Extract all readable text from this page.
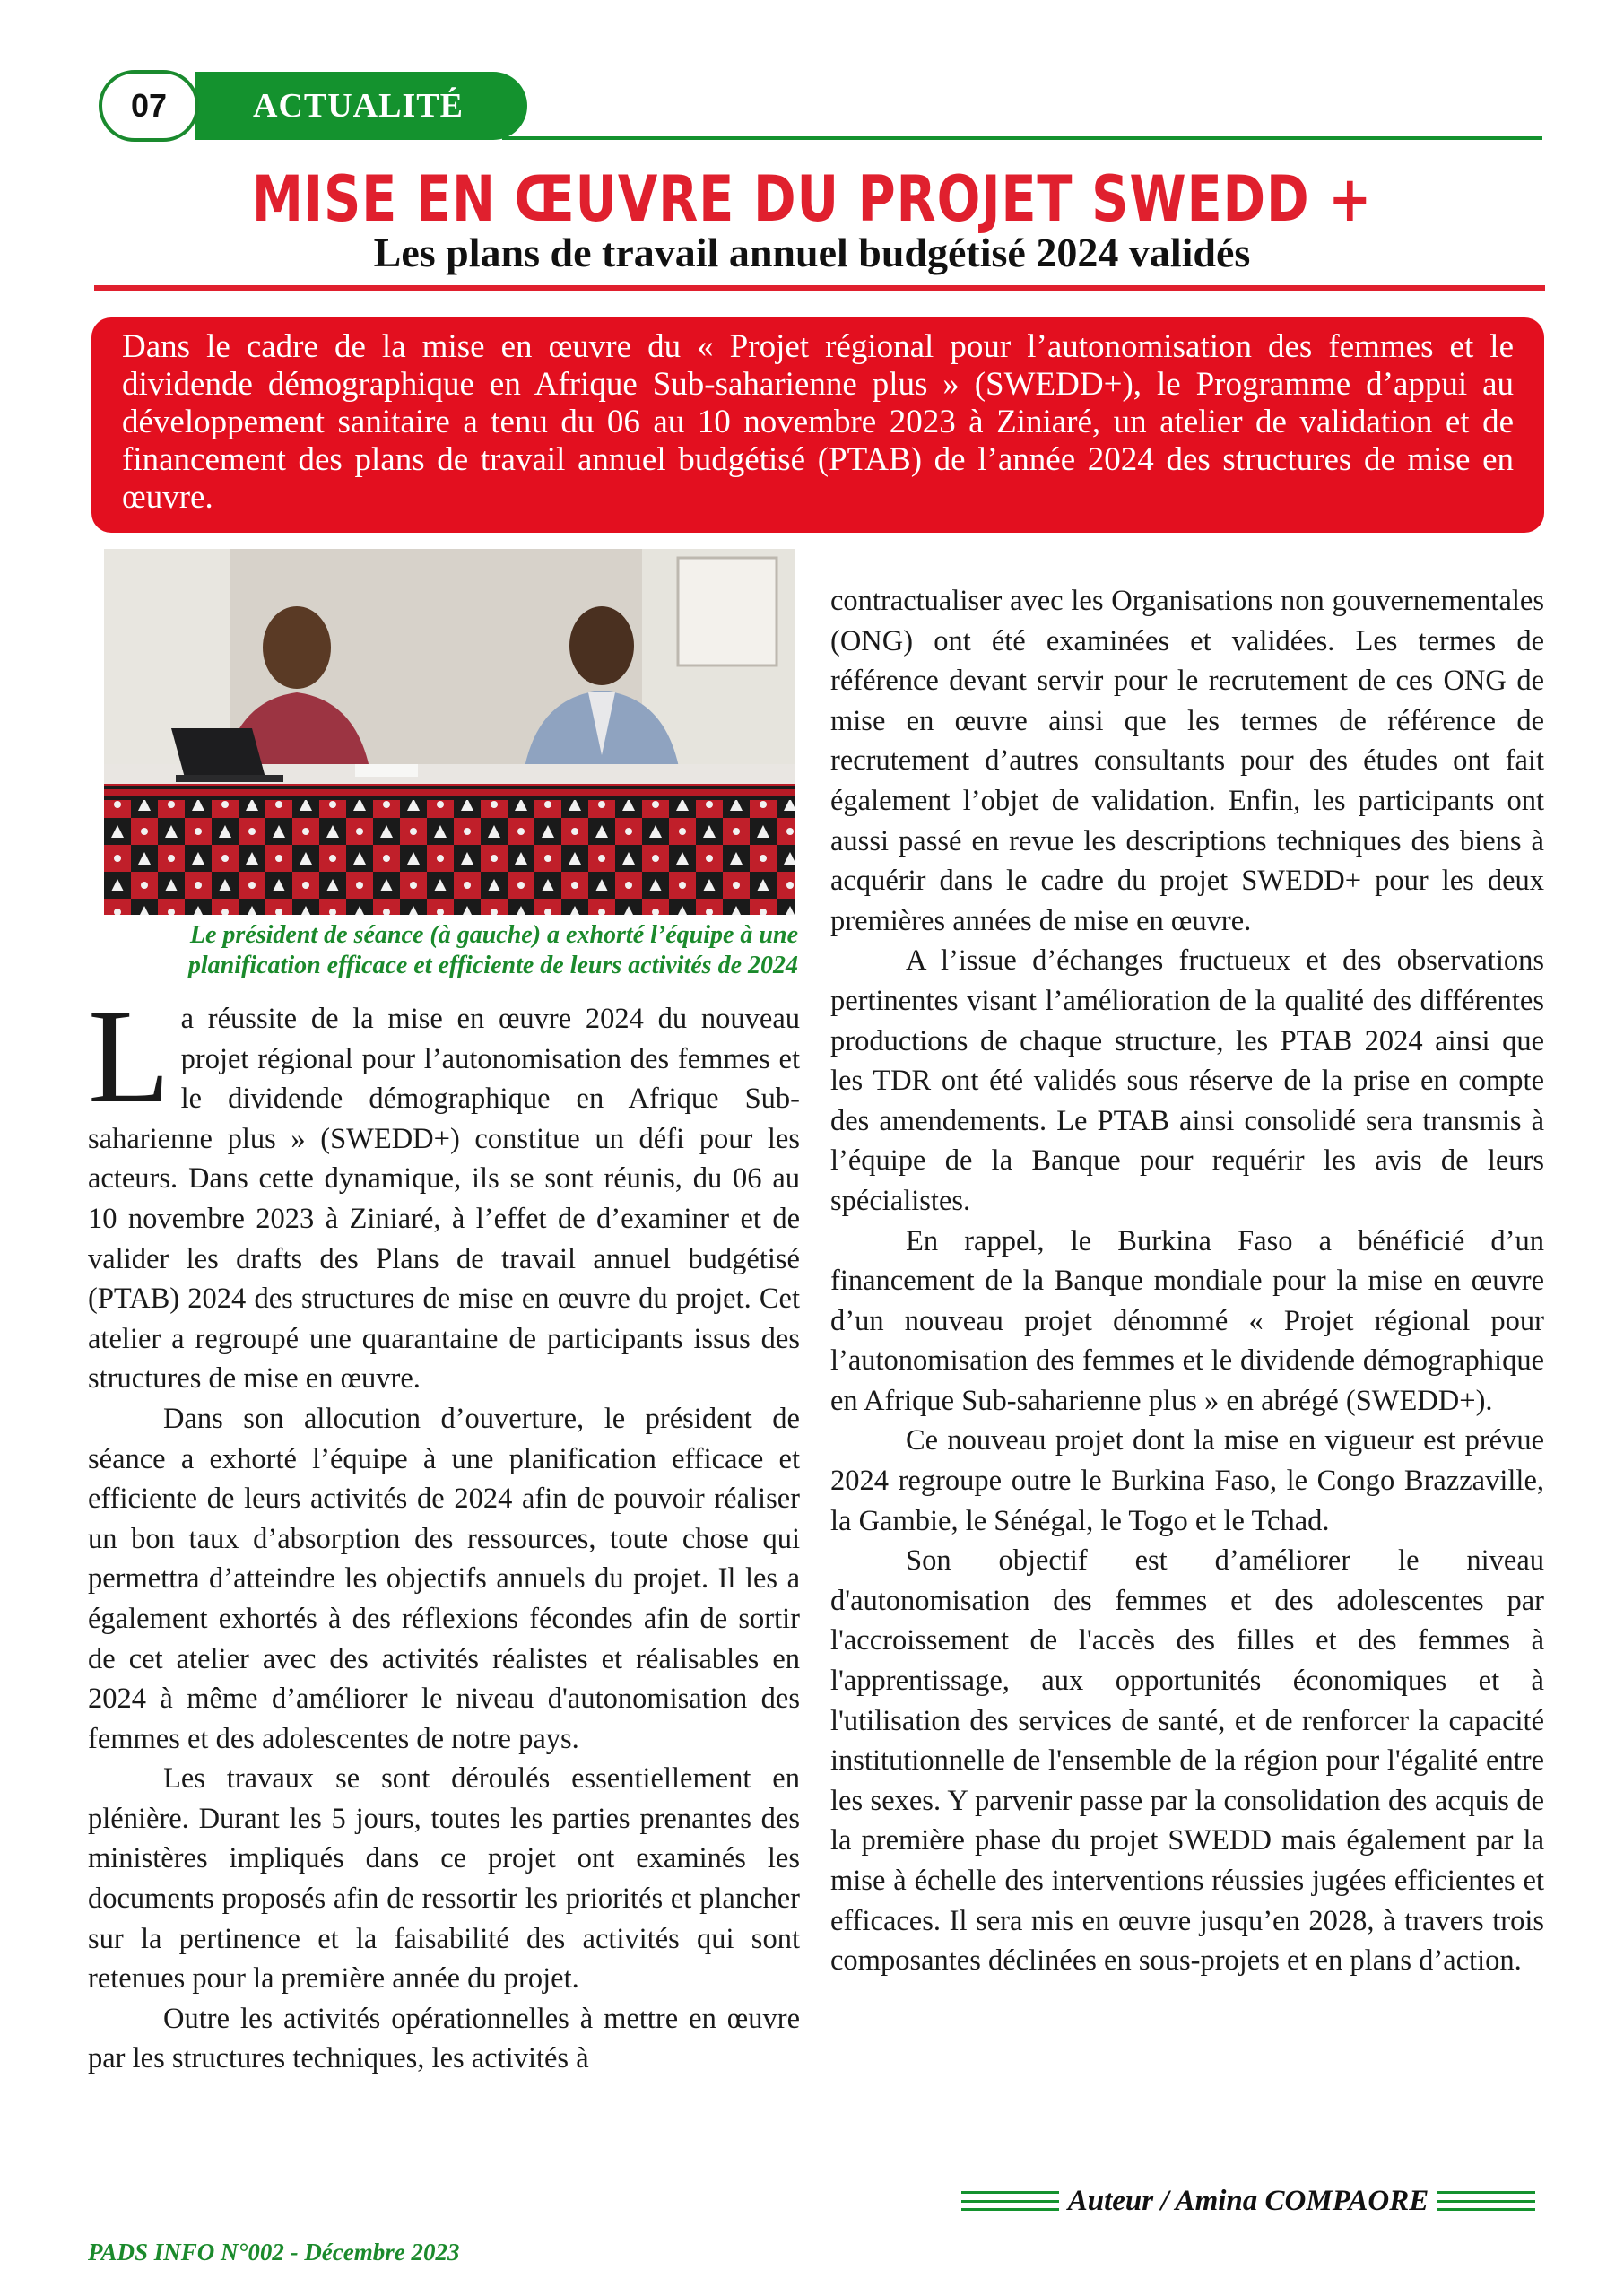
07	ACTUALITÉ
MISE EN ŒUVRE DU PROJET SWEDD +
Les plans de travail annuel budgétisé 2024 validés

Dans le cadre de la mise en œuvre du « Projet régional pour l’autonomisation des femmes et le dividende démographique en Afrique Sub-saharienne plus » (SWEDD+), le Programme d’appui au développement sanitaire a tenu du 06 au 10 novembre 2023 à Ziniaré, un atelier de validation et de financement des plans de travail annuel budgétisé (PTAB) de l’année 2024 des structures de mise en œuvre.

Le président de séance (à gauche) a exhorté l’équipe à une planification efficace et efficiente de leurs activités de 2024

La réussite de la mise en œuvre 2024 du nouveau projet régional pour l’autonomisation des femmes et le dividende démographique en Afrique Sub-saharienne plus » (SWEDD+) constitue un défi pour les acteurs. Dans cette dynamique, ils se sont réunis, du 06 au 10 novembre 2023 à Ziniaré, à l’effet de d’examiner et de valider les drafts des Plans de travail annuel budgétisé (PTAB) 2024 des structures de mise en œuvre du projet. Cet atelier a regroupé une quarantaine de participants issus des structures de mise en œuvre.

Dans son allocution d’ouverture, le président de séance a exhorté l’équipe à une planification efficace et efficiente de leurs activités de 2024 afin de pouvoir réaliser un bon taux d’absorption des ressources, toute chose qui permettra d’atteindre les objectifs annuels du projet. Il les a également exhortés à des réflexions fécondes afin de sortir de cet atelier avec des activités réalistes et réalisables en 2024 à même d’améliorer le niveau d'autonomisation des femmes et des adolescentes de notre pays.

Les travaux se sont déroulés essentiellement en plénière. Durant les 5 jours, toutes les parties prenantes des ministères impliqués dans ce projet ont examinés les documents proposés afin de ressortir les priorités et plancher sur la pertinence et la faisabilité des activités qui sont retenues pour la première année du projet.

Outre les activités opérationnelles à mettre en œuvre par les structures techniques, les activités à

contractualiser avec les Organisations non gouvernementales (ONG) ont été examinées et validées. Les termes de référence devant servir pour le recrutement de ces ONG de mise en œuvre ainsi que les termes de référence de recrutement d’autres consultants pour des études ont fait également l’objet de validation. Enfin, les participants ont aussi passé en revue les descriptions techniques des biens à acquérir dans le cadre du projet SWEDD+ pour les deux premières années de mise en œuvre.

A l’issue d’échanges fructueux et des observations pertinentes visant l’amélioration de la qualité des différentes productions de chaque structure, les PTAB 2024 ainsi que les TDR ont été validés sous réserve de la prise en compte des amendements. Le PTAB ainsi consolidé sera transmis à l’équipe de la Banque pour requérir les avis de leurs spécialistes.

En rappel, le Burkina Faso a bénéficié d’un financement de la Banque mondiale pour la mise en œuvre d’un nouveau projet dénommé « Projet régional pour l’autonomisation des femmes et le dividende démographique en Afrique Sub-saharienne plus » en abrégé (SWEDD+).

Ce nouveau projet dont la mise en vigueur est prévue 2024 regroupe outre le Burkina Faso, le Congo Brazzaville, la Gambie, le Sénégal, le Togo et le Tchad.

Son objectif est d’améliorer le niveau d'autonomisation des femmes et des adolescentes par l'accroissement de l'accès des filles et des femmes à l'apprentissage, aux opportunités économiques et à l'utilisation des services de santé, et de renforcer la capacité institutionnelle de l'ensemble de la région pour l'égalité entre les sexes. Y parvenir passe par la consolidation des acquis de la première phase du projet SWEDD mais également par la mise à échelle des interventions réussies jugées efficientes et efficaces. Il sera mis en œuvre jusqu’en 2028, à travers trois composantes déclinées en sous-projets et en plans d’action.

Auteur / Amina COMPAORE
PADS INFO N°002 - Décembre 2023
